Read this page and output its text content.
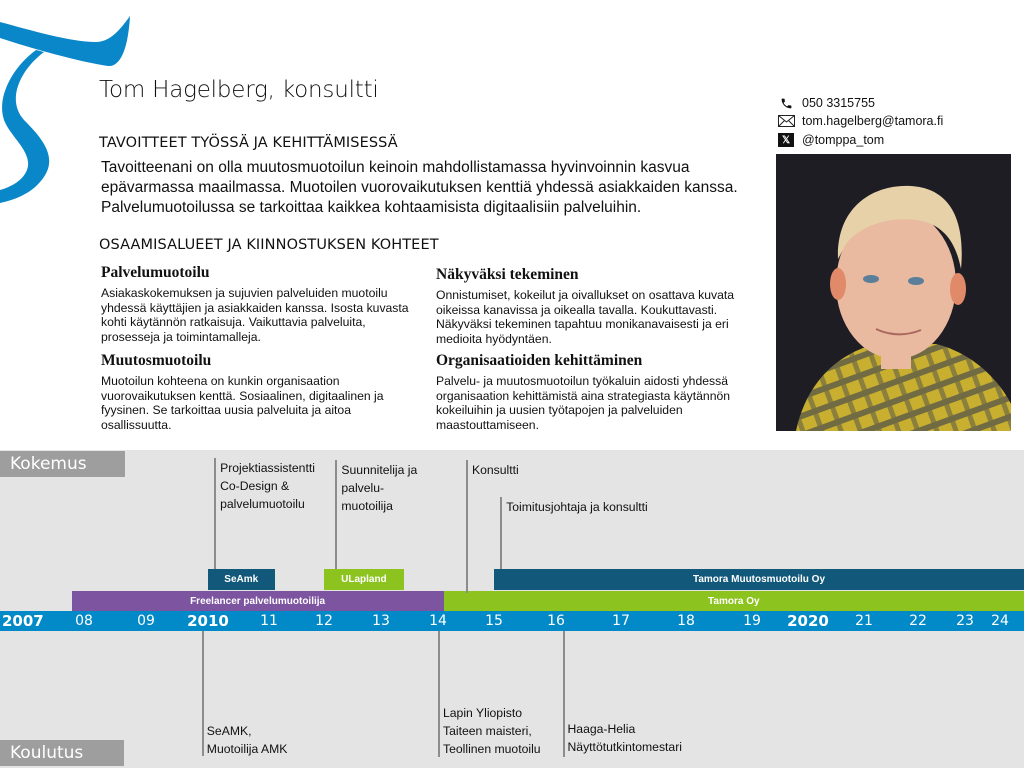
Tom Hagelberg, konsultti
TAVOITTEET TYÖSSÄ JA KEHITTÄMISESSÄ
Tavoitteenani on olla muutosmuotoilun keinoin mahdollistamassa hyvinvoinnin kasvua epävarmassa maailmassa. Muotoilen vuorovaikutuksen kenttiä yhdessä asiakkaiden kanssa. Palvelumuotoilussa se tarkoittaa kaikkea kohtaamisista digitaalisiin palveluihin.
OSAAMISALUEET JA KIINNOSTUKSEN KOHTEET
Palvelumuotoilu

Asiakaskokemuksen ja sujuvien palveluiden muotoilu yhdessä käyttäjien ja asiakkaiden kanssa. Isosta kuvasta kohti käytännön ratkaisuja. Vaikuttavia palveluita, prosesseja ja toimintamalleja.

Näkyväksi tekeminen

Onnistumiset, kokeilut ja oivallukset on osattava kuvata oikeissa kanavissa ja oikealla tavalla. Koukuttavasti. Näkyväksi tekeminen tapahtuu monikanavaisesti ja eri medioita hyödyntäen.

Muutosmuotoilu

Muotoilun kohteena on kunkin organisaation vuorovaikutuksen kenttä. Sosiaalinen, digitaalinen ja fyysinen. Se tarkoittaa uusia palveluita ja aitoa osallissuutta.

Organisaatioiden kehittäminen

Palvelu- ja muutosmuotoilun työkaluin aidosti yhdessä organisaation kehittämistä aina strategiasta käytännön kokeiluihin ja uusien työtapojen ja palveluiden maastouttamiseen.

050 3315755
tom.hagelberg@tamora.fi
𝕏 @tomppa_tom
Kokemus
Koulutus
SeAmk	ULapland	Tamora Muutosmuotoilu Oy
Freelancer palvelumuotoilija	Tamora Oy
Projektiassistentti
Co-Design &
palvelumuotoilu
Suunnitelija ja
palvelu-
muotoilija
Konsultti
Toimitusjohtaja ja konsultti
SeAMK,
Muotoilija AMK
Lapin Yliopisto
Taiteen maisteri,
Teollinen muotoilu
Haaga-Helia
Näyttötutkintomestari
2007 08	09 2010 11	12	13	14	15	16	17	18	19 2020 21	22 23 24
